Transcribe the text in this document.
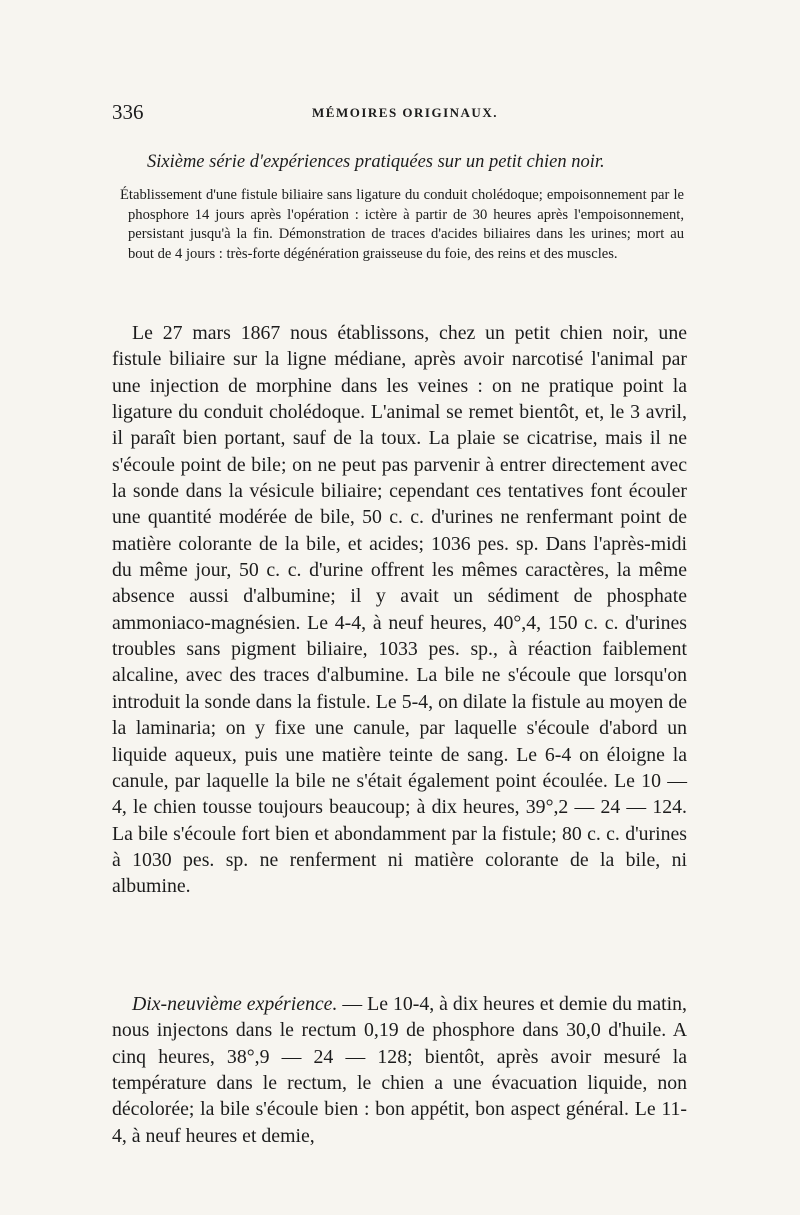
336	MÉMOIRES ORIGINAUX.
Sixième série d'expériences pratiquées sur un petit chien noir.

Établissement d'une fistule biliaire sans ligature du conduit cholédoque; empoisonnement par le phosphore 14 jours après l'opération : ictère à partir de 30 heures après l'empoisonnement, persistant jusqu'à la fin. Démonstration de traces d'acides biliaires dans les urines; mort au bout de 4 jours : très-forte dégénération graisseuse du foie, des reins et des muscles.

Le 27 mars 1867 nous établissons, chez un petit chien noir, une fistule biliaire sur la ligne médiane, après avoir narcotisé l'animal par une injection de morphine dans les veines : on ne pratique point la ligature du conduit cholédoque. L'animal se remet bientôt, et, le 3 avril, il paraît bien portant, sauf de la toux. La plaie se cicatrise, mais il ne s'écoule point de bile; on ne peut pas parvenir à entrer directement avec la sonde dans la vésicule biliaire; cependant ces tentatives font écouler une quantité modérée de bile, 50 c. c. d'urines ne renfermant point de matière colorante de la bile, et acides; 1036 pes. sp. Dans l'après-midi du même jour, 50 c. c. d'urine offrent les mêmes caractères, la même absence aussi d'albumine; il y avait un sédiment de phosphate ammoniaco-magnésien. Le 4-4, à neuf heures, 40°,4, 150 c. c. d'urines troubles sans pigment biliaire, 1033 pes. sp., à réaction faiblement alcaline, avec des traces d'albumine. La bile ne s'écoule que lorsqu'on introduit la sonde dans la fistule. Le 5-4, on dilate la fistule au moyen de la laminaria; on y fixe une canule, par laquelle s'écoule d'abord un liquide aqueux, puis une matière teinte de sang. Le 6-4 on éloigne la canule, par laquelle la bile ne s'était également point écoulée. Le 10 — 4, le chien tousse toujours beaucoup; à dix heures, 39°,2 — 24 — 124. La bile s'écoule fort bien et abondamment par la fistule; 80 c. c. d'urines à 1030 pes. sp. ne renferment ni matière colorante de la bile, ni albumine.

Dix-neuvième expérience. — Le 10-4, à dix heures et demie du matin, nous injectons dans le rectum 0,19 de phosphore dans 30,0 d'huile. A cinq heures, 38°,9 — 24 — 128; bientôt, après avoir mesuré la température dans le rectum, le chien a une évacuation liquide, non décolorée; la bile s'écoule bien : bon appétit, bon aspect général. Le 11-4, à neuf heures et demie,
